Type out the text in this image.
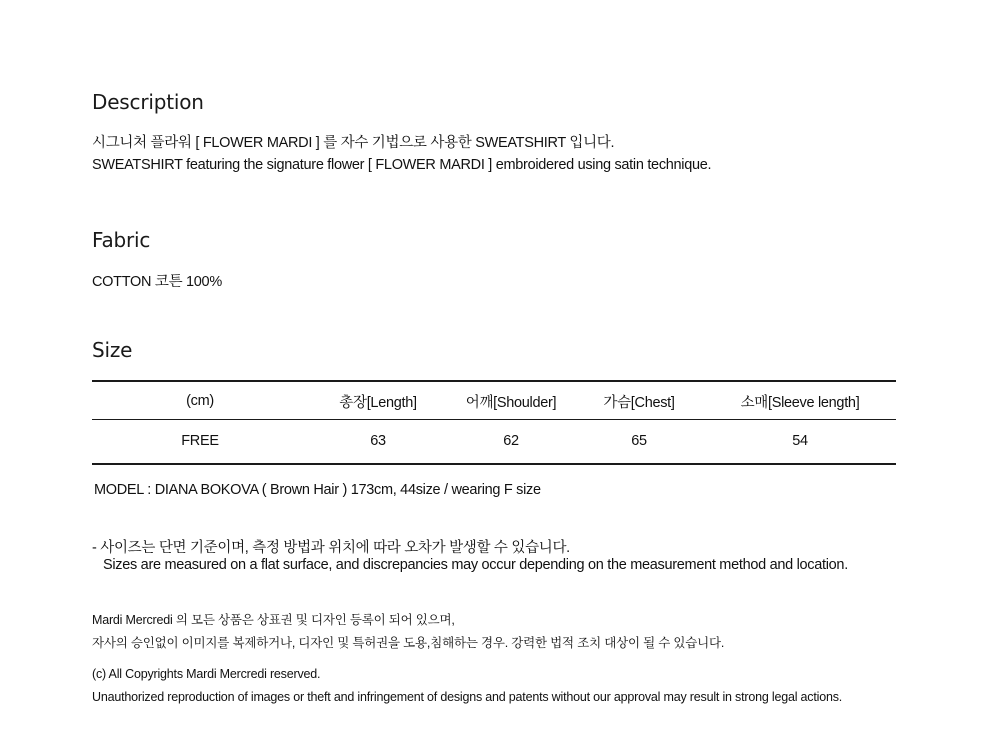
Description
시그니처 플라워 [ FLOWER MARDI ] 를 자수 기법으로 사용한 SWEATSHIRT 입니다.
SWEATSHIRT featuring the signature flower [ FLOWER MARDI ] embroidered using satin technique.
Fabric
COTTON 코튼 100%
Size
(cm)	총장[Length]	어깨[Shoulder]	가슴[Chest]	소매[Sleeve length]
FREE	63	62	65	54
MODEL : DIANA BOKOVA ( Brown Hair ) 173cm, 44size / wearing F size
- 사이즈는 단면 기준이며, 측정 방법과 위치에 따라 오차가 발생할 수 있습니다.
Sizes are measured on a flat surface, and discrepancies may occur depending on the measurement method and location.
Mardi Mercredi 의 모든 상품은 상표권 및 디자인 등록이 되어 있으며,
자사의 승인없이 이미지를 복제하거나, 디자인 및 특허권을 도용,침해하는 경우. 강력한 법적 조치 대상이 될 수 있습니다.
(c) All Copyrights Mardi Mercredi reserved.
Unauthorized reproduction of images or theft and infringement of designs and patents without our approval may result in strong legal actions.
